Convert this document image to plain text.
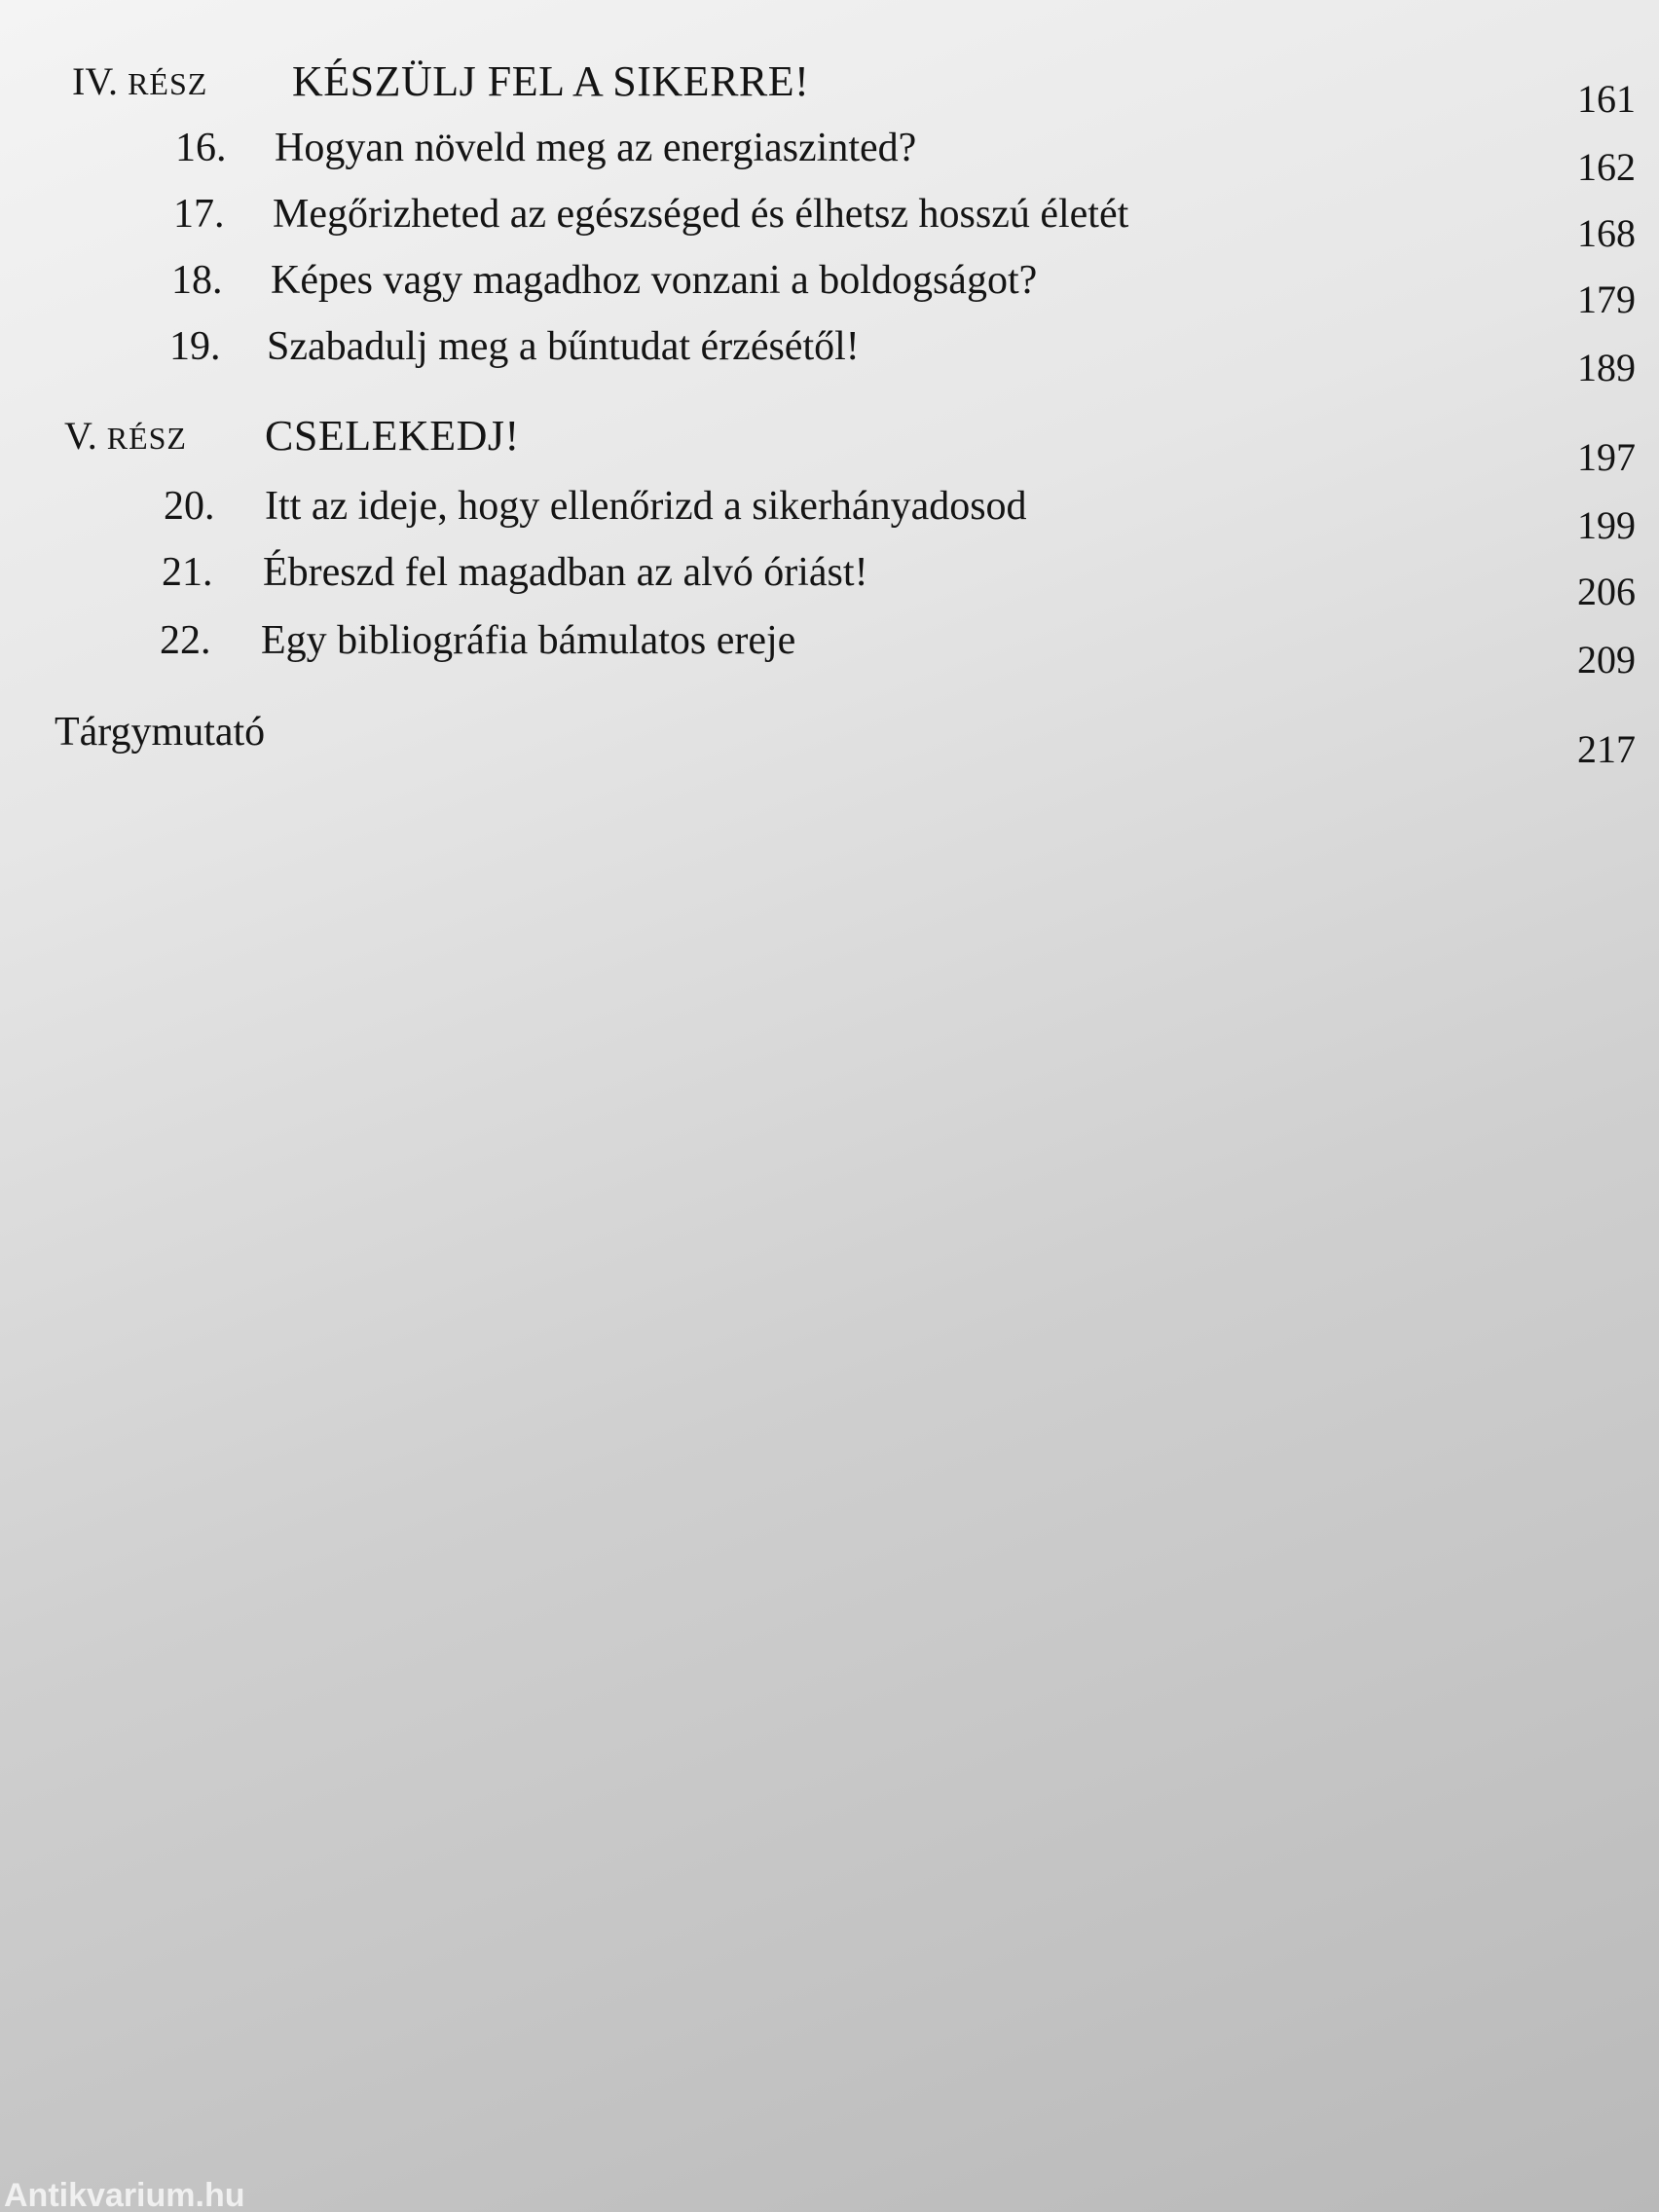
IV. RÉSZ KÉSZÜLJ FEL A SIKERRE!	161
16. Hogyan növeld meg az energiaszinted?	162
17. Megőrizheted az egészséged és élhetsz hosszú életét	168
18. Képes vagy magadhoz vonzani a boldogságot?	179
19. Szabadulj meg a bűntudat érzésétől!	189
V. RÉSZ CSELEKEDJ!	197
20. Itt az ideje, hogy ellenőrizd a sikerhányadosod	199
21. Ébreszd fel magadban az alvó óriást!	206
22. Egy bibliográfia bámulatos ereje	209
Tárgymutató	217
Antikvarium.hu
